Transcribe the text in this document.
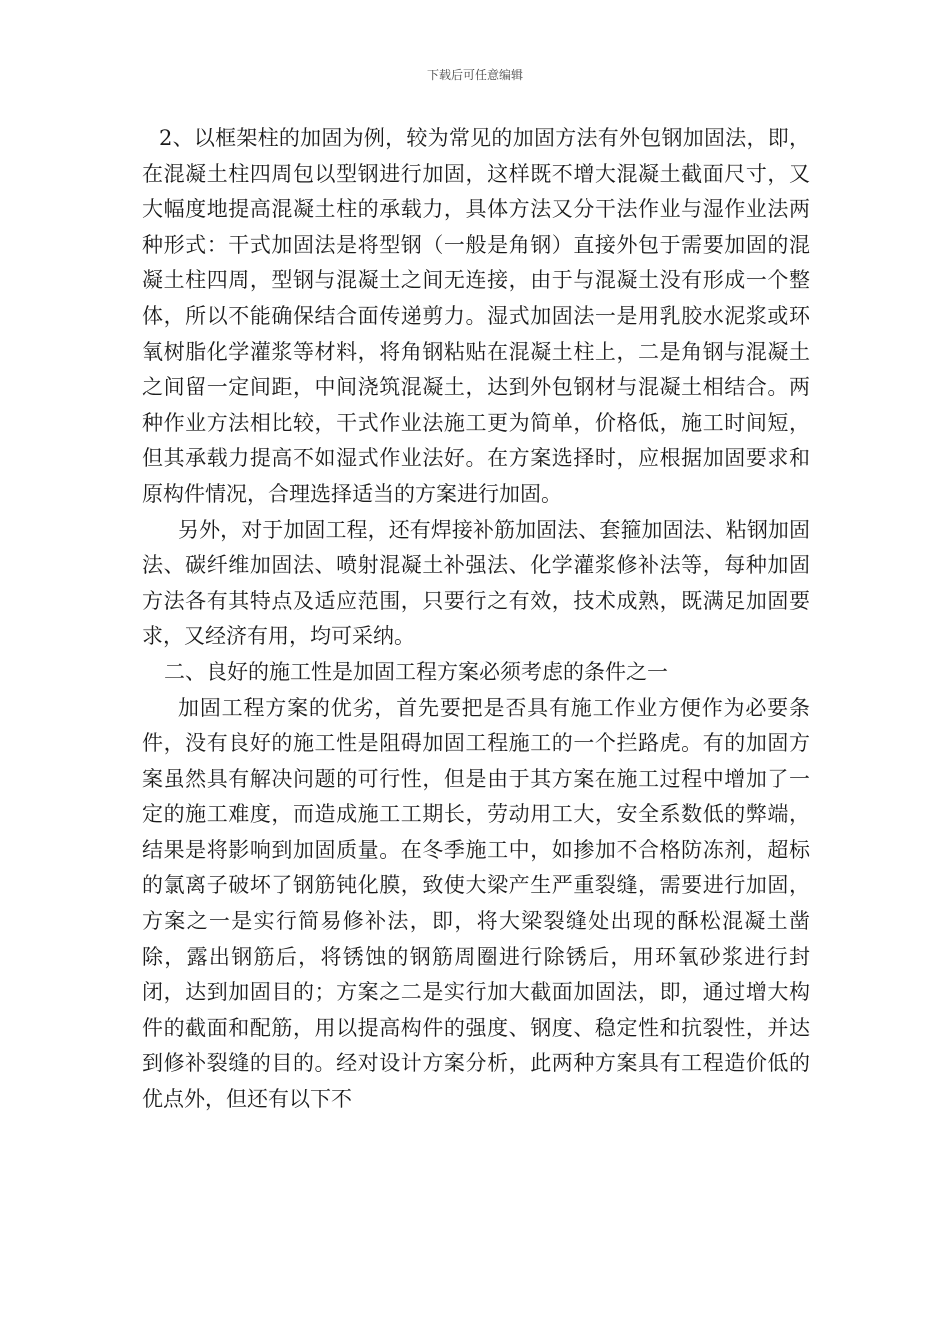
下载后可任意编辑

2、以框架柱的加固为例，较为常见的加固方法有外包钢加固法，即，在混凝土柱四周包以型钢进行加固，这样既不增大混凝土截面尺寸，又大幅度地提高混凝土柱的承载力，具体方法又分干法作业与湿作业法两种形式：干式加固法是将型钢（一般是角钢）直接外包于需要加固的混凝土柱四周，型钢与混凝土之间无连接，由于与混凝土没有形成一个整体，所以不能确保结合面传递剪力。湿式加固法一是用乳胶水泥浆或环氧树脂化学灌浆等材料，将角钢粘贴在混凝土柱上，二是角钢与混凝土之间留一定间距，中间浇筑混凝土，达到外包钢材与混凝土相结合。两种作业方法相比较，干式作业法施工更为简单，价格低，施工时间短，但其承载力提高不如湿式作业法好。在方案选择时，应根据加固要求和原构件情况，合理选择适当的方案进行加固。

另外，对于加固工程，还有焊接补筋加固法、套箍加固法、粘钢加固法、碳纤维加固法、喷射混凝土补强法、化学灌浆修补法等，每种加固方法各有其特点及适应范围，只要行之有效，技术成熟，既满足加固要求，又经济有用，均可采纳。

二、良好的施工性是加固工程方案必须考虑的条件之一

加固工程方案的优劣，首先要把是否具有施工作业方便作为必要条件，没有良好的施工性是阻碍加固工程施工的一个拦路虎。有的加固方案虽然具有解决问题的可行性，但是由于其方案在施工过程中增加了一定的施工难度，而造成施工工期长，劳动用工大，安全系数低的弊端，结果是将影响到加固质量。在冬季施工中，如掺加不合格防冻剂，超标的氯离子破坏了钢筋钝化膜，致使大梁产生严重裂缝，需要进行加固，方案之一是实行简易修补法，即，将大梁裂缝处出现的酥松混凝土凿除，露出钢筋后，将锈蚀的钢筋周圈进行除锈后，用环氧砂浆进行封闭，达到加固目的；方案之二是实行加大截面加固法，即，通过增大构件的截面和配筋，用以提高构件的强度、钢度、稳定性和抗裂性，并达到修补裂缝的目的。经对设计方案分析，此两种方案具有工程造价低的优点外，但还有以下不
